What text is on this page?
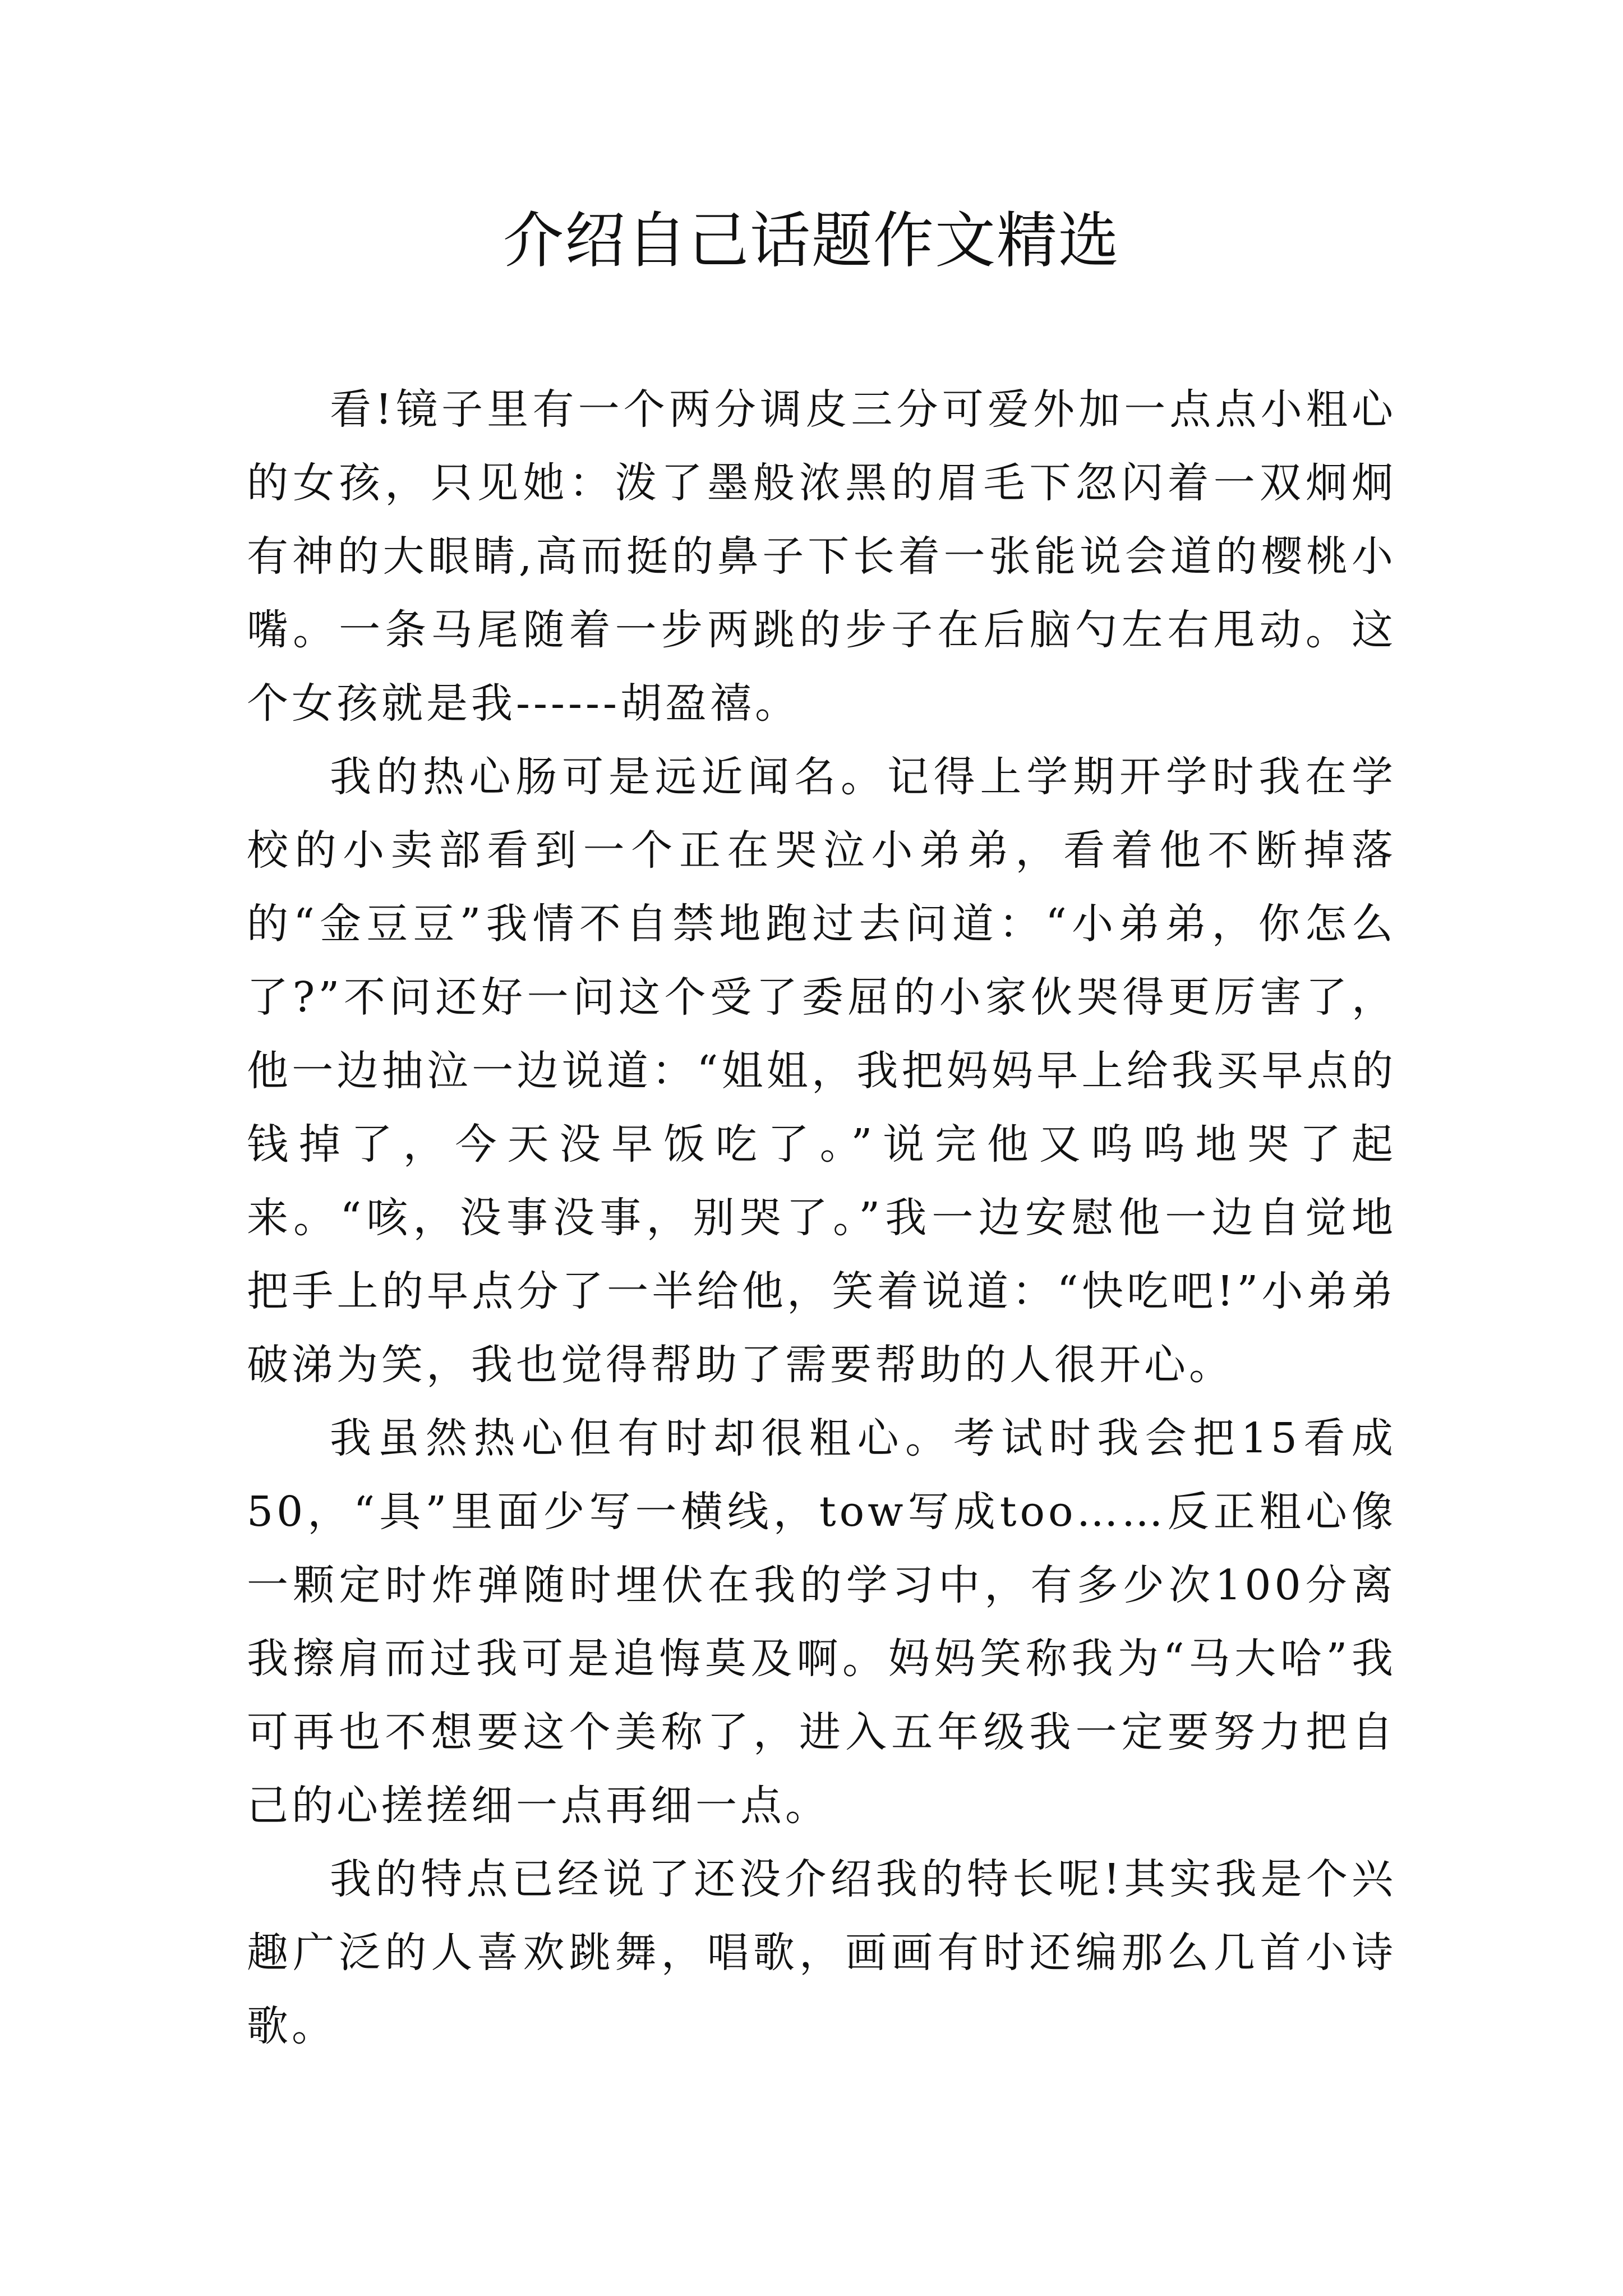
介绍自己话题作文精选

看!镜子里有一个两分调皮三分可爱外加一点点小粗心的女孩，只见她：泼了墨般浓黑的眉毛下忽闪着一双炯炯有神的大眼睛,高而挺的鼻子下长着一张能说会道的樱桃小嘴。一条马尾随着一步两跳的步子在后脑勺左右甩动。这个女孩就是我------胡盈禧。

我的热心肠可是远近闻名。记得上学期开学时我在学校的小卖部看到一个正在哭泣小弟弟，看着他不断掉落的“金豆豆”我情不自禁地跑过去问道：“小弟弟，你怎么了?”不问还好一问这个受了委屈的小家伙哭得更厉害了，他一边抽泣一边说道：“姐姐，我把妈妈早上给我买早点的钱掉了，今天没早饭吃了。”说完他又呜呜地哭了起来。“咳，没事没事，别哭了。”我一边安慰他一边自觉地把手上的早点分了一半给他，笑着说道：“快吃吧!”小弟弟破涕为笑，我也觉得帮助了需要帮助的人很开心。

我虽然热心但有时却很粗心。考试时我会把15看成50，“具”里面少写一横线，tow写成too……反正粗心像一颗定时炸弹随时埋伏在我的学习中，有多少次100分离我擦肩而过我可是追悔莫及啊。妈妈笑称我为“马大哈”我可再也不想要这个美称了，进入五年级我一定要努力把自己的心搓搓细一点再细一点。

我的特点已经说了还没介绍我的特长呢!其实我是个兴趣广泛的人喜欢跳舞，唱歌，画画有时还编那么几首小诗歌。
